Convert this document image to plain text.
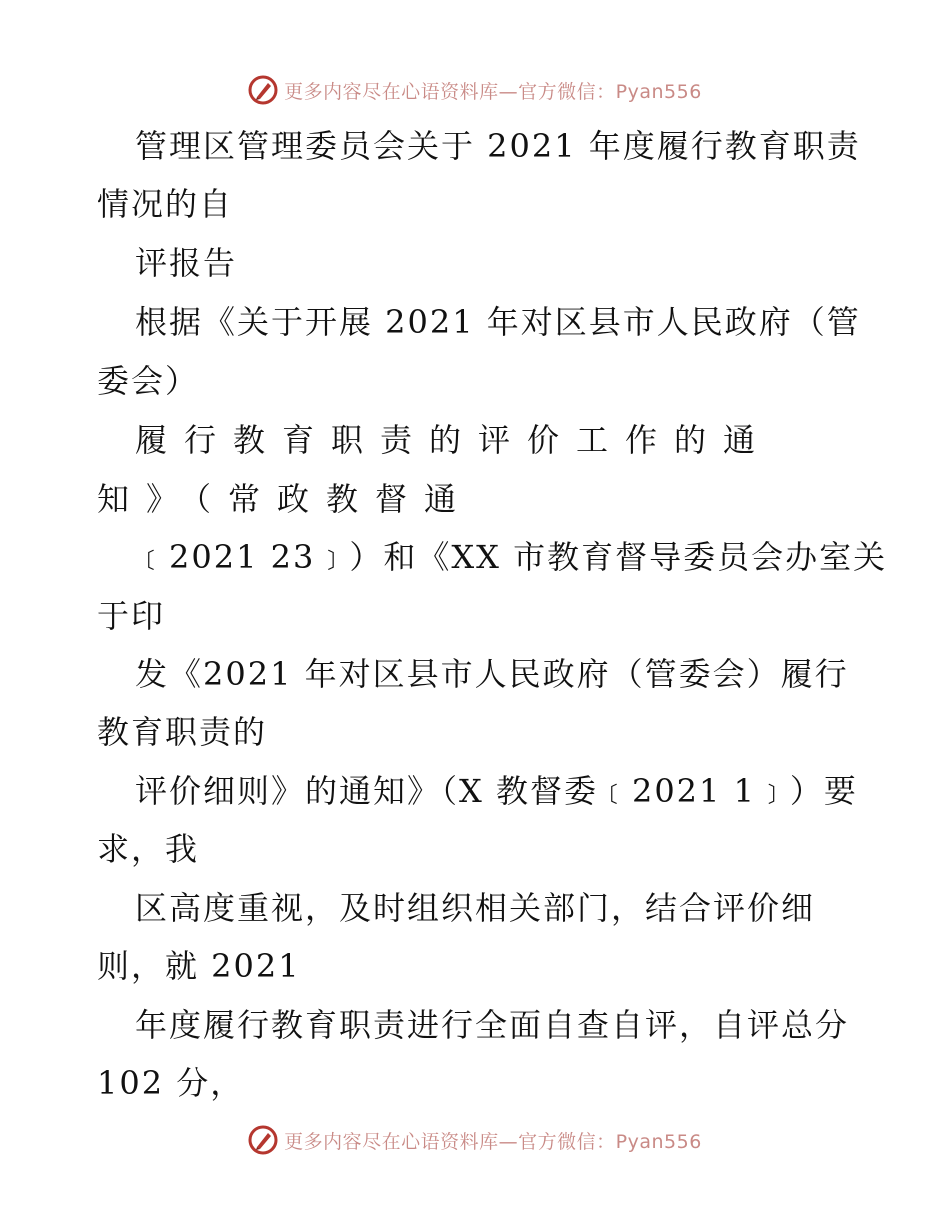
更多内容尽在心语资料库—官方微信：Pyan556
管理区管理委员会关于 2021 年度履行教育职责
情况的自
评报告
根据《关于开展 2021 年对区县市人民政府（管
委会）
履行教育职责的评价工作的通
知》（常政教督通
﹝2021 23﹞）和《XX 市教育督导委员会办室关
于印
发《2021 年对区县市人民政府（管委会）履行
教育职责的
评价细则》的通知》（X 教督委﹝2021 1﹞）要
求，我
区高度重视，及时组织相关部门，结合评价细
则，就 2021
年度履行教育职责进行全面自查自评，自评总分
102 分，
更多内容尽在心语资料库—官方微信：Pyan556
